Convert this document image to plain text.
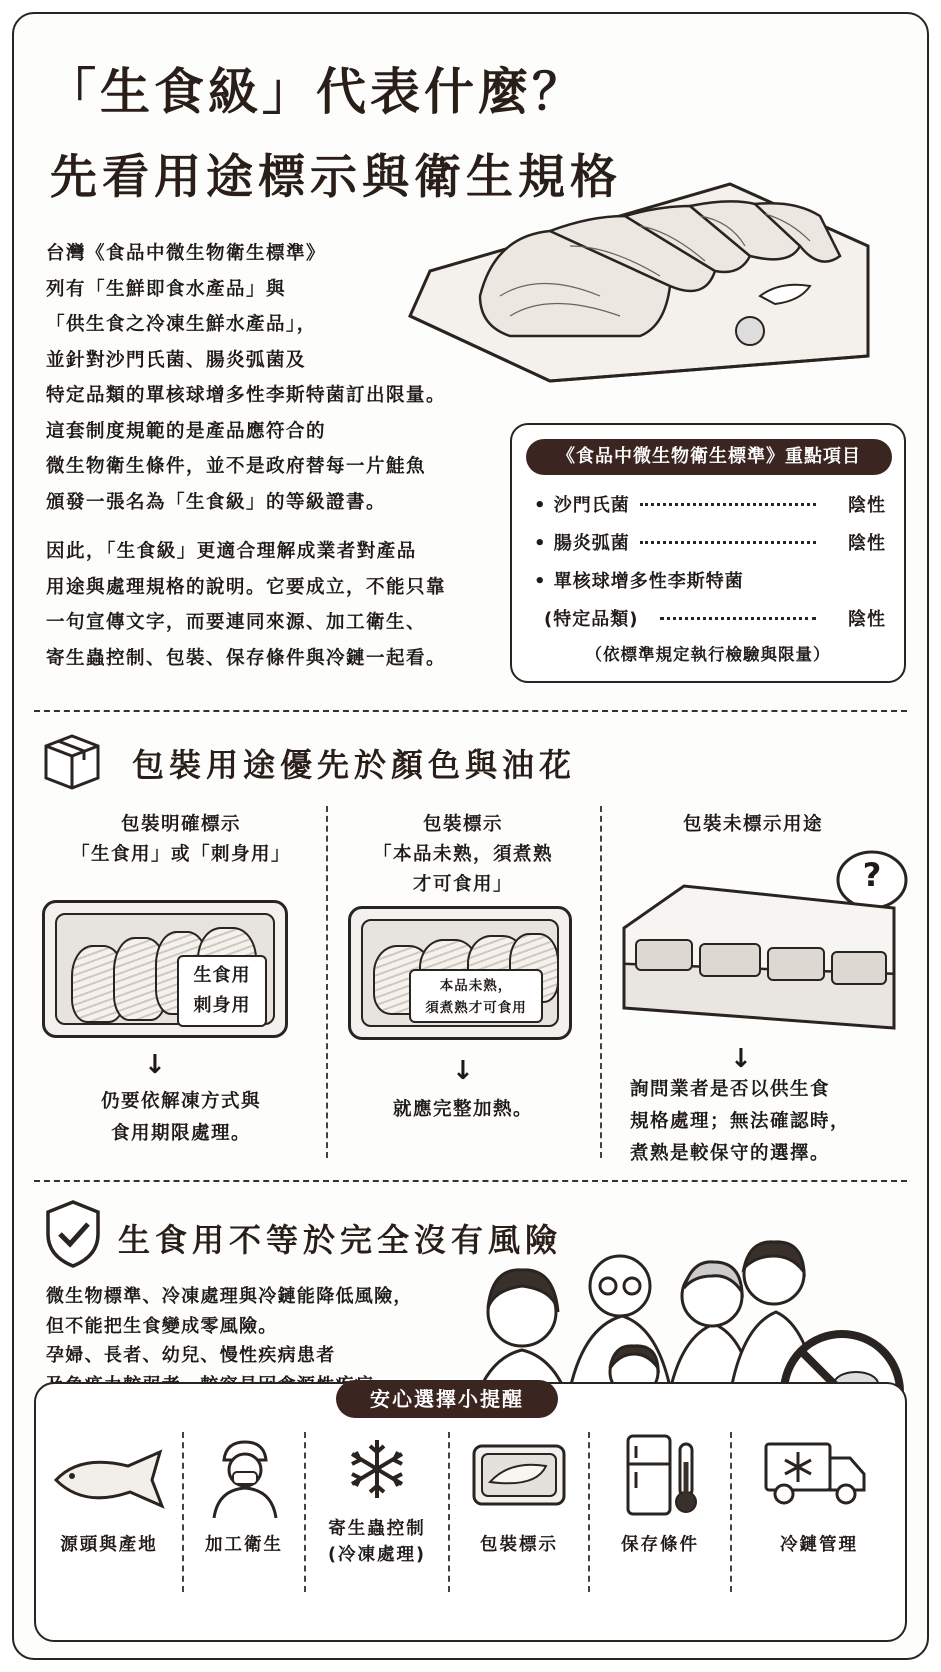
「生食級」代表什麼？
先看用途標示與衛生規格

台灣《食品中微生物衛生標準》

列有「生鮮即食水產品」與

「供生食之冷凍生鮮水產品」，

並針對沙門氏菌、腸炎弧菌及

特定品類的單核球增多性李斯特菌訂出限量。

這套制度規範的是產品應符合的

微生物衛生條件，並不是政府替每一片鮭魚

頒發一張名為「生食級」的等級證書。

因此，「生食級」更適合理解成業者對產品

用途與處理規格的說明。它要成立，不能只靠

一句宣傳文字，而要連同來源、加工衛生、

寄生蟲控制、包裝、保存條件與冷鏈一起看。

《食品中微生物衛生標準》重點項目
• 沙門氏菌	陰性
• 腸炎弧菌	陰性
• 單核球增多性李斯特菌
(特定品類)	陰性
（依標準規定執行檢驗與限量）
包裝用途優先於顏色與油花
包裝明確標示
「生食用」或「刺身用」
生食用
刺身用
↓
仍要依解凍方式與
食用期限處理。
包裝標示
「本品未熟，須煮熟
才可食用」
本品未熟，
須煮熟才可食用
↓
就應完整加熱。
包裝未標示用途
?
↓
詢問業者是否以供生食
規格處理；無法確認時，
煮熟是較保守的選擇。
生食用不等於完全沒有風險

微生物標準、冷凍處理與冷鏈能降低風險，

但不能把生食變成零風險。

孕婦、長者、幼兒、慢性疾病患者

安心選擇小提醒
源頭與產地	加工衛生
寄生蟲控制
(冷凍處理)	包裝標示	保存條件	冷鏈管理
